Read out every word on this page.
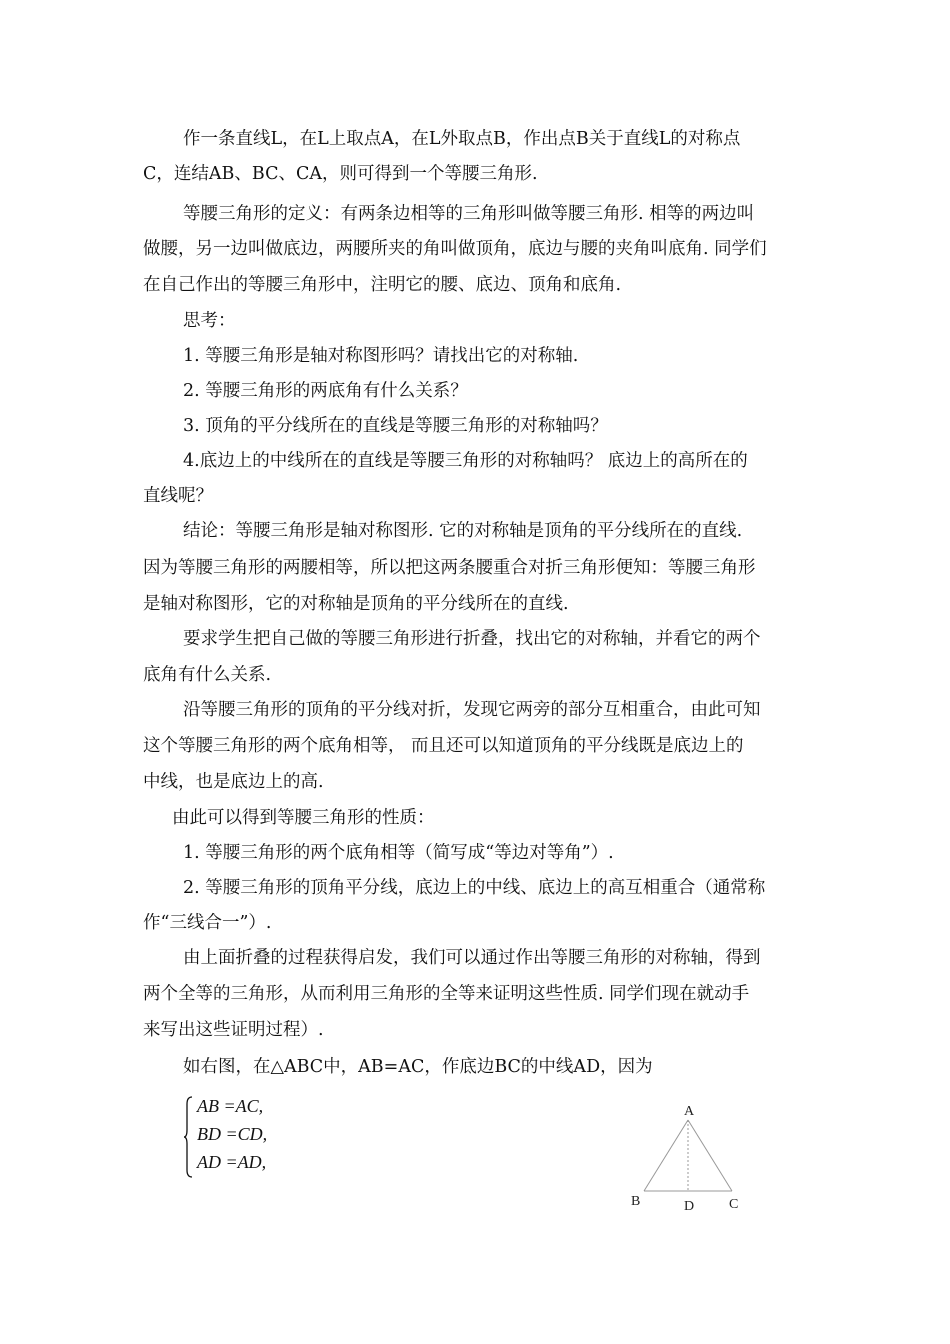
作一条直线L，在L上取点A，在L外取点B，作出点B关于直线L的对称点
C，连结AB、BC、CA，则可得到一个等腰三角形.
等腰三角形的定义：有两条边相等的三角形叫做等腰三角形. 相等的两边叫
做腰，另一边叫做底边，两腰所夹的角叫做顶角，底边与腰的夹角叫底角. 同学们
在自己作出的等腰三角形中，注明它的腰、底边、顶角和底角.
思考：
1. 等腰三角形是轴对称图形吗？请找出它的对称轴.
2. 等腰三角形的两底角有什么关系？
3. 顶角的平分线所在的直线是等腰三角形的对称轴吗？
4.底边上的中线所在的直线是等腰三角形的对称轴吗？ 底边上的高所在的
直线呢？
结论：等腰三角形是轴对称图形. 它的对称轴是顶角的平分线所在的直线.
因为等腰三角形的两腰相等，所以把这两条腰重合对折三角形便知：等腰三角形
是轴对称图形，它的对称轴是顶角的平分线所在的直线.
要求学生把自己做的等腰三角形进行折叠，找出它的对称轴，并看它的两个
底角有什么关系.
沿等腰三角形的顶角的平分线对折，发现它两旁的部分互相重合，由此可知
这个等腰三角形的两个底角相等， 而且还可以知道顶角的平分线既是底边上的
中线，也是底边上的高.
由此可以得到等腰三角形的性质：
1. 等腰三角形的两个底角相等（简写成“等边对等角”）.
2. 等腰三角形的顶角平分线，底边上的中线、底边上的高互相重合（通常称
作“三线合一”）.
由上面折叠的过程获得启发，我们可以通过作出等腰三角形的对称轴，得到
两个全等的三角形，从而利用三角形的全等来证明这些性质. 同学们现在就动手
来写出这些证明过程）.
如右图，在△ABC中，AB=AC，作底边BC的中线AD，因为
AB =AC,
BD =CD,
AD =AD,
A
B	D C
